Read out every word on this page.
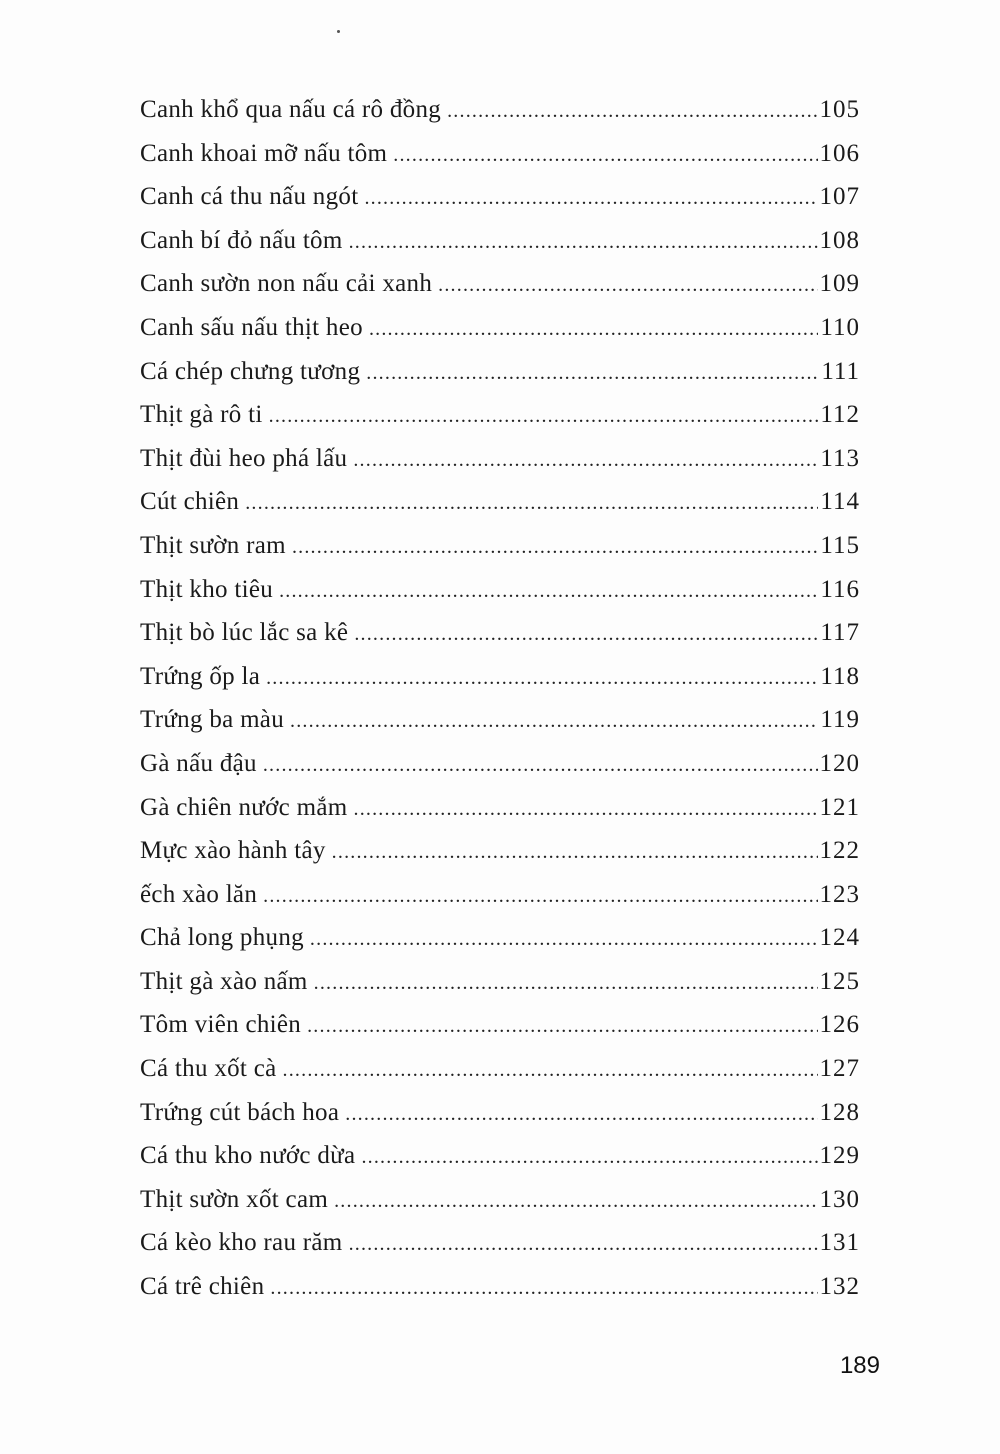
Canh khổ qua nấu cá rô đồng .....	105
Canh khoai mỡ nấu tôm .....	106
Canh cá thu nấu ngót .....	107
Canh bí đỏ nấu tôm .....	108
Canh sườn non nấu cải xanh .....	109
Canh sấu nấu thịt heo .....	110
Cá chép chưng tương .....	111
Thịt gà rô ti .....	112
Thịt đùi heo phá lấu .....	113
Cút chiên .....	114
Thịt sườn ram .....	115
Thịt kho tiêu .....	116
Thịt bò lúc lắc sa kê .....	117
Trứng ốp la .....	118
Trứng ba màu .....	119
Gà nấu đậu .....	120
Gà chiên nước mắm .....	121
Mực xào hành tây .....	122
ếch xào lăn .....	123
Chả long phụng .....	124
Thịt gà xào nấm .....	125
Tôm viên chiên .....	126
Cá thu xốt cà .....	127
Trứng cút bách hoa .....	128
Cá thu kho nước dừa .....	129
Thịt sườn xốt cam .....	130
Cá kèo kho rau răm .....	131
Cá trê chiên .....	132
189
